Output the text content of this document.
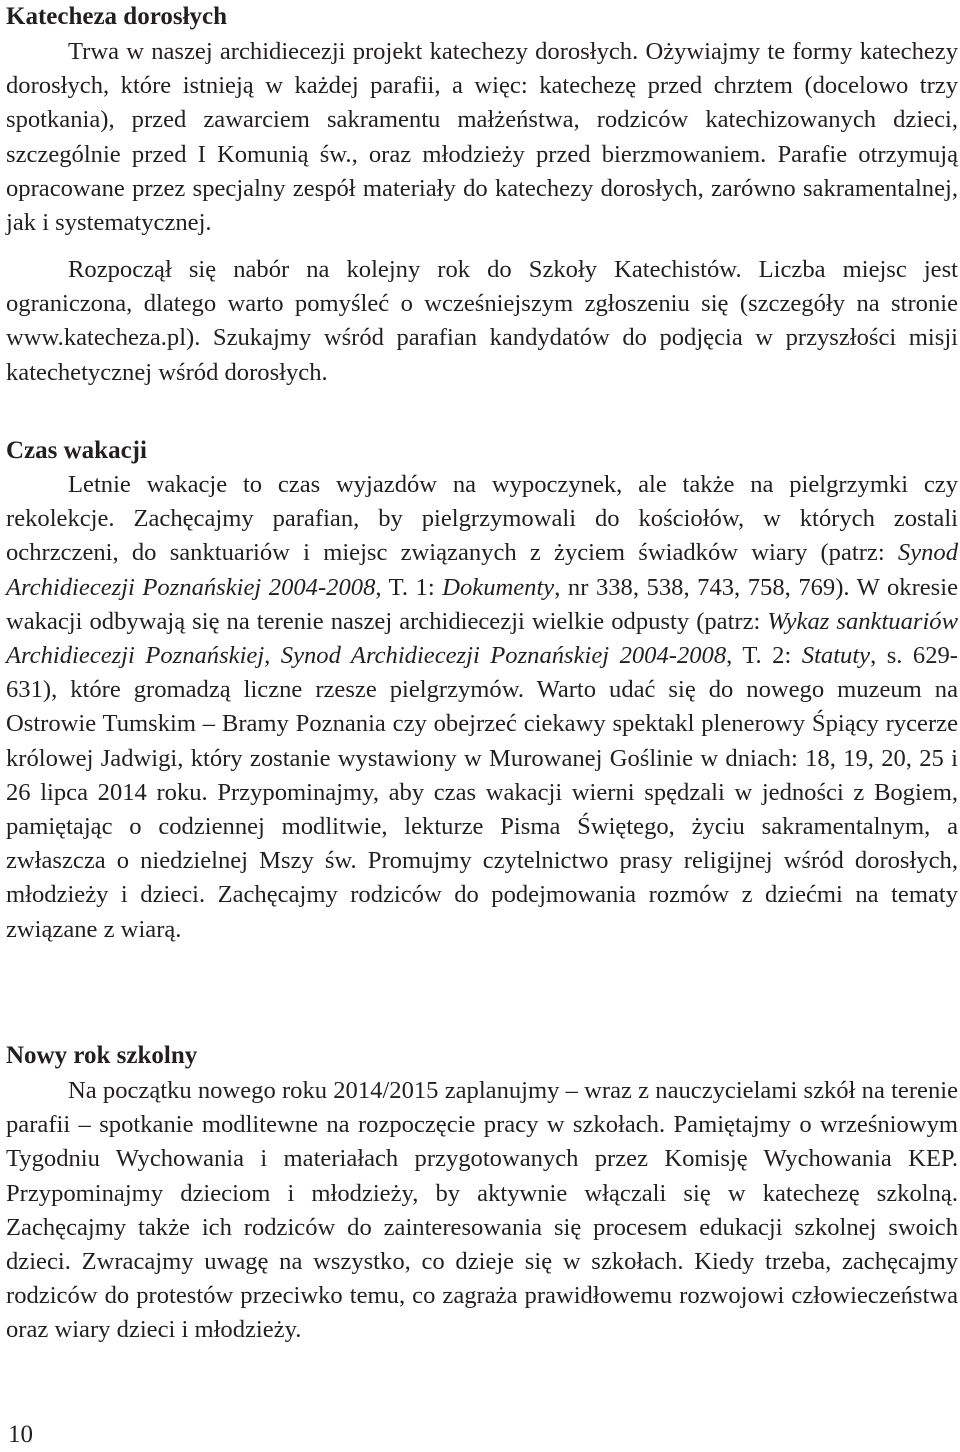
Katecheza dorosłych

Trwa w naszej archidiecezji projekt katechezy dorosłych. Ożywiajmy te formy katechezy dorosłych, które istnieją w każdej parafii, a więc: katechezę przed chrztem (docelowo trzy spotkania), przed zawarciem sakramentu małżeństwa, rodziców katechizowanych dzieci, szczególnie przed I Komunią św., oraz młodzieży przed bierzmowaniem. Parafie otrzymują opracowane przez specjalny zespół materiały do katechezy dorosłych, zarówno sakramentalnej, jak i systematycznej.

Rozpoczął się nabór na kolejny rok do Szkoły Katechistów. Liczba miejsc jest ograniczona, dlatego warto pomyśleć o wcześniejszym zgłoszeniu się (szczegóły na stronie www.katecheza.pl). Szukajmy wśród parafian kandydatów do podjęcia w przyszłości misji katechetycznej wśród dorosłych.

Czas wakacji

Letnie wakacje to czas wyjazdów na wypoczynek, ale także na pielgrzymki czy rekolekcje. Zachęcajmy parafian, by pielgrzymowali do kościołów, w których zostali ochrzczeni, do sanktuariów i miejsc związanych z życiem świadków wiary (patrz: Synod Archidiecezji Poznańskiej 2004-2008, T. 1: Dokumenty, nr 338, 538, 743, 758, 769). W okresie wakacji odbywają się na terenie naszej archidiecezji wielkie odpusty (patrz: Wykaz sanktuariów Archidiecezji Poznańskiej, Synod Archidiecezji Poznańskiej 2004-2008, T. 2: Statuty, s. 629-631), które gromadzą liczne rzesze pielgrzymów. Warto udać się do nowego muzeum na Ostrowie Tumskim – Bramy Poznania czy obejrzeć ciekawy spektakl plenerowy Śpiący rycerze królowej Jadwigi, który zostanie wystawiony w Murowanej Goślinie w dniach: 18, 19, 20, 25 i 26 lipca 2014 roku. Przypominajmy, aby czas wakacji wierni spędzali w jedności z Bogiem, pamiętając o codziennej modlitwie, lekturze Pisma Świętego, życiu sakramentalnym, a zwłaszcza o niedzielnej Mszy św. Promujmy czytelnictwo prasy religijnej wśród dorosłych, młodzieży i dzieci. Zachęcajmy rodziców do podejmowania rozmów z dziećmi na tematy związane z wiarą.

Nowy rok szkolny

Na początku nowego roku 2014/2015 zaplanujmy – wraz z nauczycielami szkół na terenie parafii – spotkanie modlitewne na rozpoczęcie pracy w szkołach. Pamiętajmy o wrześniowym Tygodniu Wychowania i materiałach przygotowanych przez Komisję Wychowania KEP. Przypominajmy dzieciom i młodzieży, by aktywnie włączali się w katechezę szkolną. Zachęcajmy także ich rodziców do zainteresowania się procesem edukacji szkolnej swoich dzieci. Zwracajmy uwagę na wszystko, co dzieje się w szkołach. Kiedy trzeba, zachęcajmy rodziców do protestów przeciwko temu, co zagraża prawidłowemu rozwojowi człowieczeństwa oraz wiary dzieci i młodzieży.

10
